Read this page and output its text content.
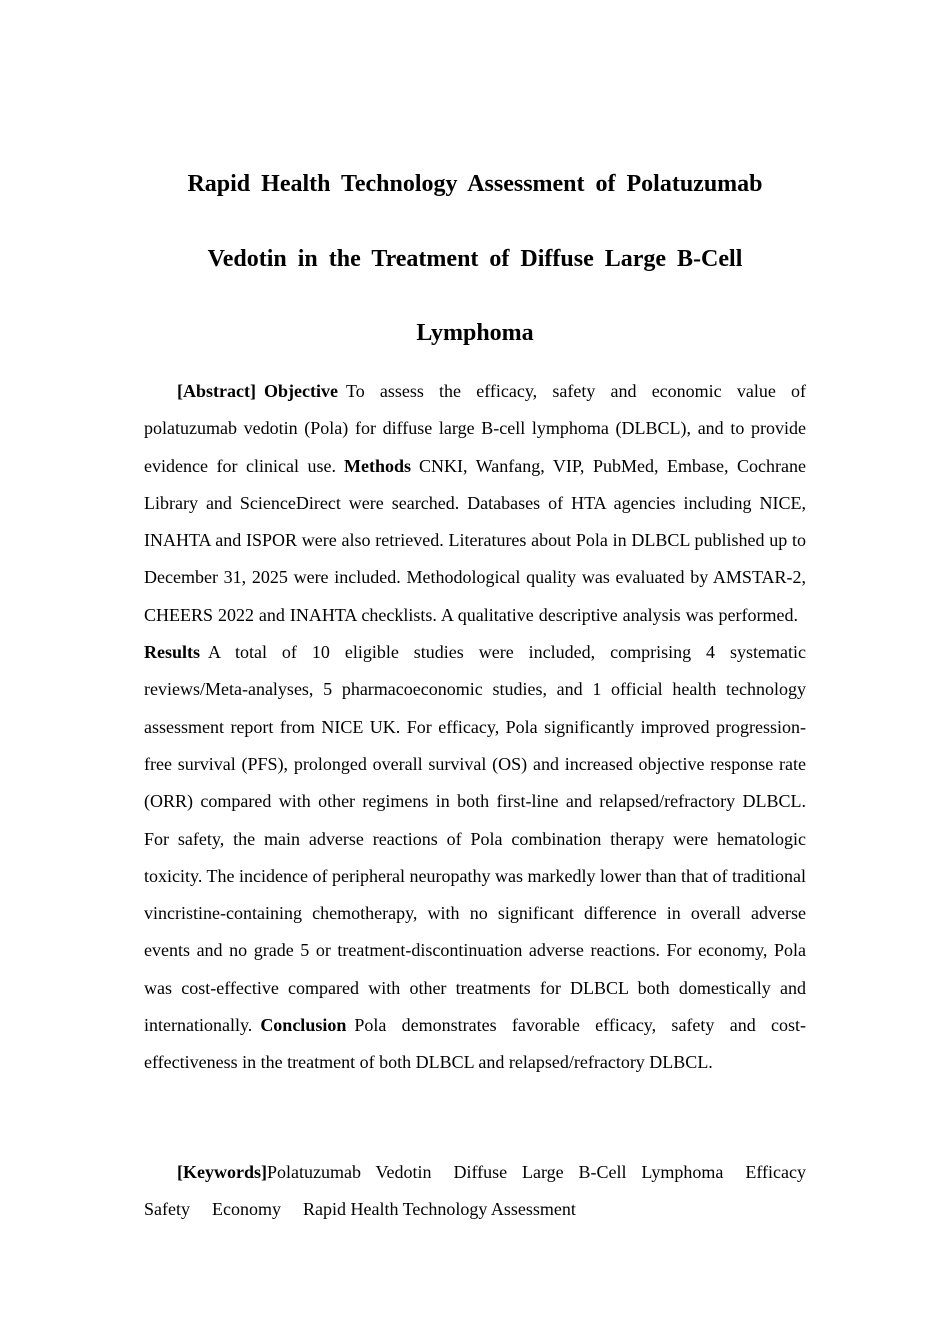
Rapid Health Technology Assessment of Polatuzumab
Vedotin in the Treatment of Diffuse Large B-Cell
Lymphoma

[Abstract] Objective To assess the efficacy, safety and economic value of polatuzumab vedotin (Pola) for diffuse large B-cell lymphoma (DLBCL), and to provide evidence for clinical use. Methods CNKI, Wanfang, VIP, PubMed, Embase, Cochrane Library and ScienceDirect were searched. Databases of HTA agencies including NICE, INAHTA and ISPOR were also retrieved. Literatures about Pola in DLBCL published up to December 31, 2025 were included. Methodological quality was evaluated by AMSTAR-2, CHEERS 2022 and INAHTA checklists. A qualitative descriptive analysis was performed.Results A total of 10 eligible studies were included, comprising 4 systematic reviews/Meta-analyses, 5 pharmacoeconomic studies, and 1 official health technology assessment report from NICE UK. For efficacy, Pola significantly improved progression-free survival (PFS), prolonged overall survival (OS) and increased objective response rate (ORR) compared with other regimens in both first-line and relapsed/refractory DLBCL. For safety, the main adverse reactions of Pola combination therapy were hematologic toxicity. The incidence of peripheral neuropathy was markedly lower than that of traditional vincristine-containing chemotherapy, with no significant difference in overall adverse events and no grade 5 or treatment-discontinuation adverse reactions. For economy, Pola was cost-effective compared with other treatments for DLBCL both domestically and internationally. Conclusion Pola demonstrates favorable efficacy, safety and cost-effectiveness in the treatment of both DLBCL and relapsed/refractory DLBCL.

[Keywords]Polatuzumab Vedotin Diffuse Large B-Cell Lymphoma Efficacy Safety Economy Rapid Health Technology Assessment
